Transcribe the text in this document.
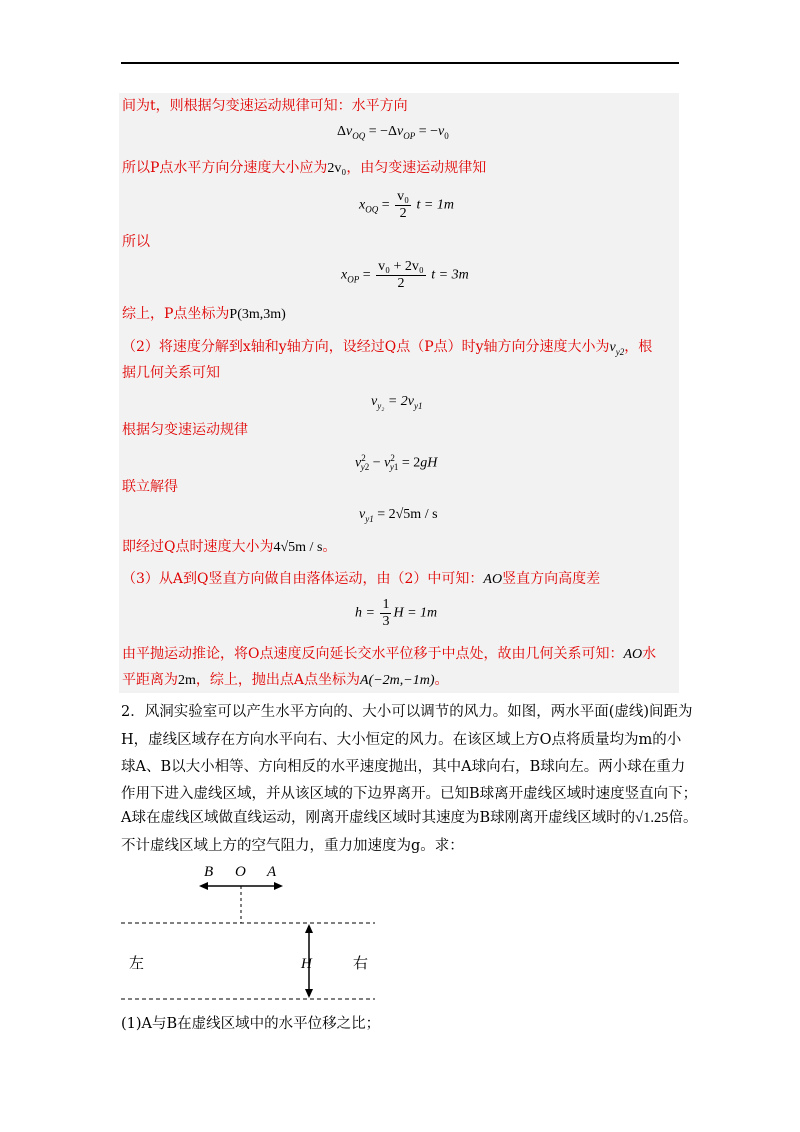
间为t，则根据匀变速运动规律可知：水平方向
$\Delta v_{OQ} = -\Delta v_{OP} = -v_0$
所以P点水平方向分速度大小应为2v₀，由匀变速运动规律知
$x_{OQ} = \frac{\text{v₀}}{2}$ t = 1m
所以
$x_{OP} = \frac{\text{v₀ + 2v₀}}{2}$ t = 3m
综上，P点坐标为P(3m,3m)
（2）将速度分解到x轴和y轴方向，设经过Q点（P点）时y轴方向分速度大小为$v_{y2}$，根
据几何关系可知
$v_{y_2} = 2v_{y1}$
根据匀变速运动规律
$v^2_{y2} - v^2_{y1} = 2gH$
联立解得
$v_{y1} = 2√5m / s$
即经过Q点时速度大小为4√5m / s。
（3）从A到Q竖直方向做自由落体运动，由（2）中可知：AO竖直方向高度差
$h = \frac{1}{3}$ H = 1m
由平抛运动推论，将O点速度反向延长交水平位移于中点处，故由几何关系可知：AO水
平距离为2m，综上，抛出点A点坐标为A(−2m,−1m)。
2．风洞实验室可以产生水平方向的、大小可以调节的风力。如图，两水平面(虚线)间距为
H，虚线区域存在方向水平向右、大小恒定的风力。在该区域上方O点将质量均为m的小
球A、B以大小相等、方向相反的水平速度抛出，其中A球向右，B球向左。两小球在重力
作用下进入虚线区域，并从该区域的下边界离开。已知B球离开虚线区域时速度竖直向下；
A球在虚线区域做直线运动，刚离开虚线区域时其速度为B球刚离开虚线区域时的√1.25倍。
不计虚线区域上方的空气阻力，重力加速度为g。求：
B O A
左	H	右
(1)A与B在虚线区域中的水平位移之比；
